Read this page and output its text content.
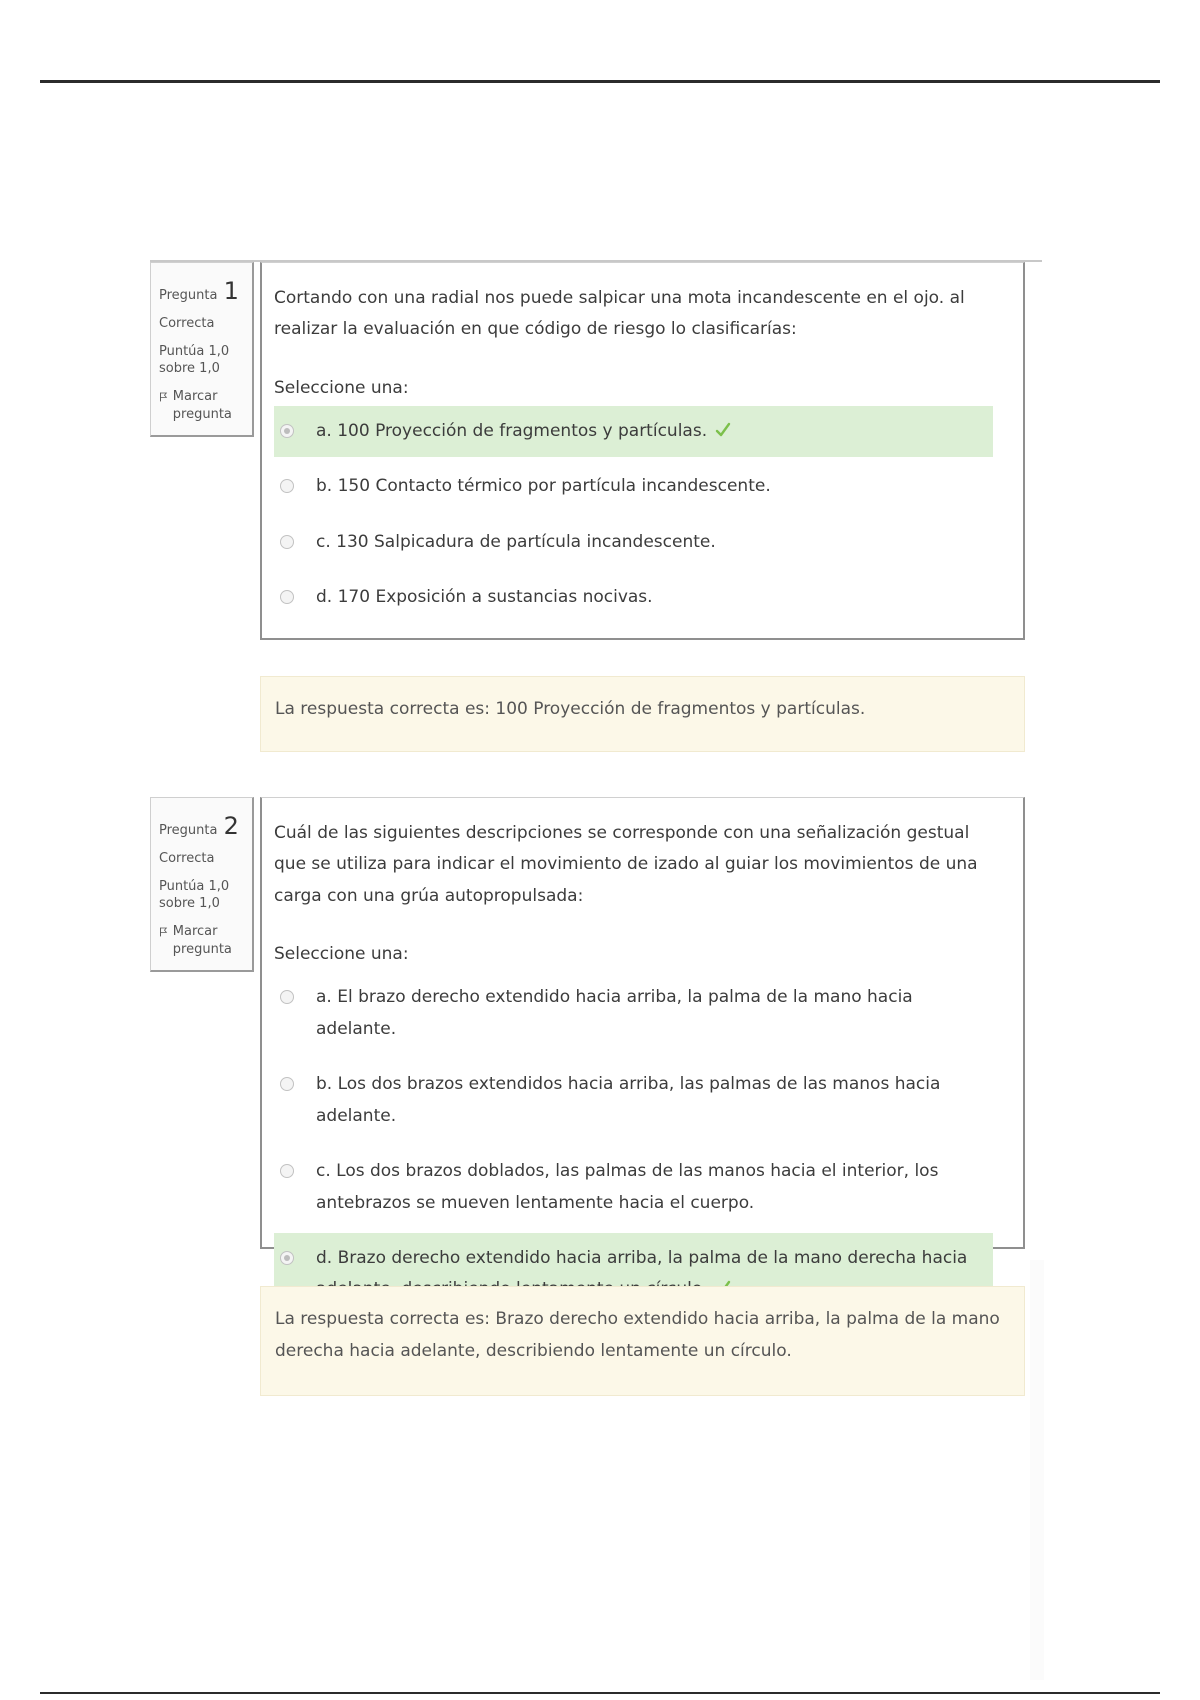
Pregunta 1
Correcta
Puntúa 1,0 sobre 1,0
Marcar pregunta

Cortando con una radial nos puede salpicar una mota incandescente en el ojo. al realizar la evaluación en que código de riesgo lo clasificarías:

Seleccione una:
a. 100 Proyección de fragmentos y partículas.
b. 150 Contacto térmico por partícula incandescente.
c. 130 Salpicadura de partícula incandescente.
d. 170 Exposición a sustancias nocivas.
La respuesta correcta es: 100 Proyección de fragmentos y partículas.
Pregunta 2
Correcta
Puntúa 1,0 sobre 1,0
Marcar pregunta

Cuál de las siguientes descripciones se corresponde con una señalización gestual que se utiliza para indicar el movimiento de izado al guiar los movimientos de una carga con una grúa autopropulsada:

Seleccione una:
a. El brazo derecho extendido hacia arriba, la palma de la mano hacia adelante.
b. Los dos brazos extendidos hacia arriba, las palmas de las manos hacia adelante.
c. Los dos brazos doblados, las palmas de las manos hacia el interior, los antebrazos se mueven lentamente hacia el cuerpo.
d. Brazo derecho extendido hacia arriba, la palma de la mano derecha hacia
La respuesta correcta es: Brazo derecho extendido hacia arriba, la palma de la mano derecha hacia adelante, describiendo lentamente un círculo.
